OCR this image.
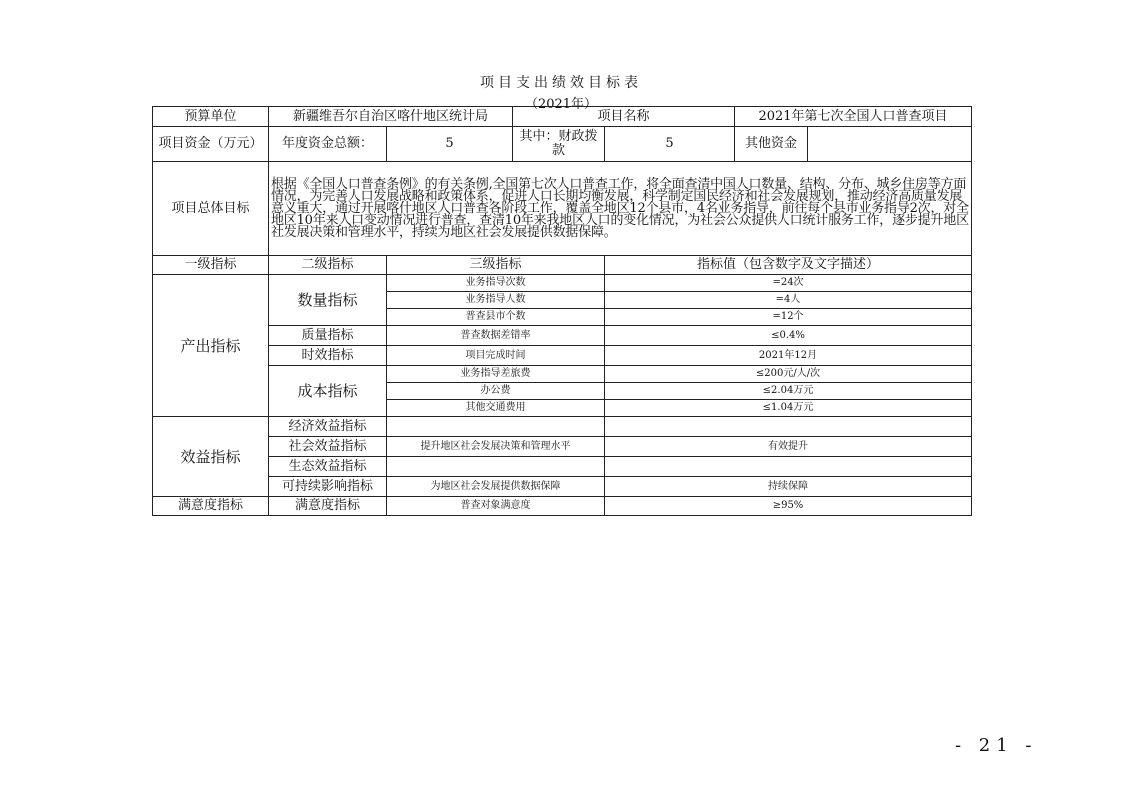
项目支出绩效目标表
（2021年）
预算单位	新疆维吾尔自治区喀什地区统计局		项目名称		2021年第七次全国人口普查项目	
项目资金（万元）	年度资金总额：	5	其中：财政拨款	5	其他资金	
项目总体目标	根据《全国人口普查条例》的有关条例,全国第七次人口普查工作，将全面查清中国人口数量、结构、分布、城乡住房等方面情况，为完善人口发展战略和政策体系，促进人口长期均衡发展，科学制定国民经济和社会发展规划，推动经济高质量发展意义重大，通过开展喀什地区人口普查各阶段工作，覆盖全地区12个县市，4名业务指导，前往每个县市业务指导2次，对全地区10年来人口变动情况进行普查，查清10年来我地区人口的变化情况，为社会公众提供人口统计服务工作，逐步提升地区社发展决策和管理水平，持续为地区社会发展提供数据保障。					
一级指标	二级指标	三级指标		指标值（包含数字及文字描述）		
产出指标	数量指标	业务指导次数		=24次		
		业务指导人数		=4人		
		普查县市个数		=12个		
	质量指标	普查数据差错率		≤0.4%		
	时效指标	项目完成时间		2021年12月		
	成本指标	业务指导差旅费		≤200元/人/次		
		办公费		≤2.04万元		
		其他交通费用		≤1.04万元		
效益指标	经济效益指标					
	社会效益指标	提升地区社会发展决策和管理水平		有效提升		
	生态效益指标					
	可持续影响指标	为地区社会发展提供数据保障		持续保障		
满意度指标	满意度指标	普查对象满意度		≥95%		
- 21 -
